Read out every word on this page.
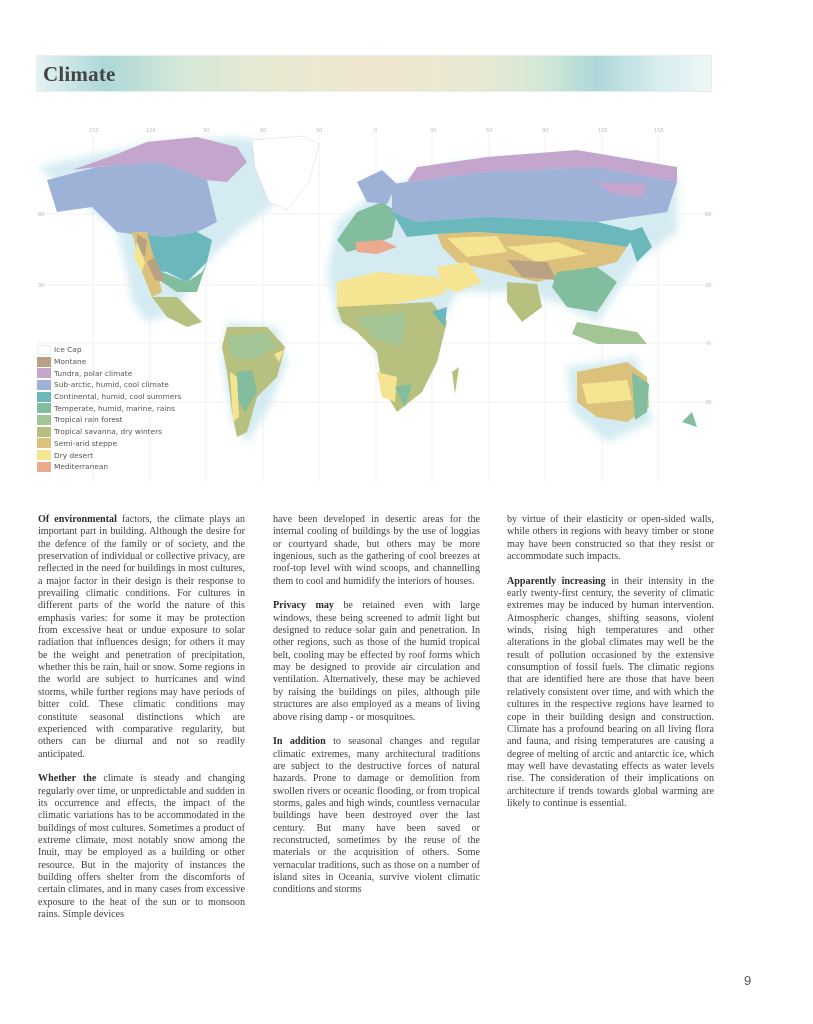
Climate
150	120	90	60	30	0	30	60	90	120	150
60
30
60
30
0
30
Ice Cap
Montane
Tundra, polar climate
Sub-arctic, humid, cool climate
Continental, humid, cool summers
Temperate, humid, marine, rains
Tropical rain forest
Tropical savanna, dry winters
Semi-arid steppe
Dry desert
Mediterranean

Of environmental factors, the climate plays an important part in building. Although the desire for the defence of the family or of society, and the preservation of individual or collective privacy, are reflected in the need for buildings in most cultures, a major factor in their design is their response to prevailing climatic conditions. For cultures in different parts of the world the nature of this emphasis varies: for some it may be protection from excessive heat or undue exposure to solar radiation that influences design; for others it may be the weight and penetration of precipitation, whether this be rain, hail or snow. Some regions in the world are subject to hurricanes and wind storms, while further regions may have periods of bitter cold. These climatic conditions may constitute seasonal distinctions which are experienced with comparative regularity, but others can be diurnal and not so readily anticipated.

Whether the climate is steady and changing regularly over time, or unpredictable and sudden in its occurrence and effects, the impact of the climatic variations has to be accommodated in the buildings of most cultures. Sometimes a product of extreme climate, most notably snow among the Inuit, may be employed as a building or other resource. But in the majority of instances the building offers shelter from the discomforts of certain climates, and in many cases from excessive exposure to the heat of the sun or to monsoon rains. Simple devices

have been developed in desertic areas for the internal cooling of buildings by the use of loggias or courtyard shade, but others may be more ingenious, such as the gathering of cool breezes at roof-top level with wind scoops, and channelling them to cool and humidify the interiors of houses.

Privacy may be retained even with large windows, these being screened to admit light but designed to reduce solar gain and penetration. In other regions, such as those of the humid tropical belt, cooling may be effected by roof forms which may be designed to provide air circulation and ventilation. Alternatively, these may be achieved by raising the buildings on piles, although pile structures are also employed as a means of living above rising damp - or mosquitoes.

In addition to seasonal changes and regular climatic extremes, many architectural traditions are subject to the destructive forces of natural hazards. Prone to damage or demolition from swollen rivers or oceanic flooding, or from tropical storms, gales and high winds, countless vernacular buildings have been destroyed over the last century. But many have been saved or reconstructed, sometimes by the reuse of the materials or the acquisition of others. Some vernacular traditions, such as those on a number of island sites in Oceania, survive violent climatic conditions and storms

by virtue of their elasticity or open-sided walls, while others in regions with heavy timber or stone may have been constructed so that they resist or accommodate such impacts.

Apparently increasing in their intensity in the early twenty-first century, the severity of climatic extremes may be induced by human intervention. Atmospheric changes, shifting seasons, violent winds, rising high temperatures and other alterations in the global climates may well be the result of pollution occasioned by the extensive consumption of fossil fuels. The climatic regions that are identified here are those that have been relatively consistent over time, and with which the cultures in the respective regions have learned to cope in their building design and construction. Climate has a profound bearing on all living flora and fauna, and rising temperatures are causing a degree of melting of arctic and antarctic ice, which may well have devastating effects as water levels rise. The consideration of their implications on architecture if trends towards global warming are likely to continue is essential.

9
